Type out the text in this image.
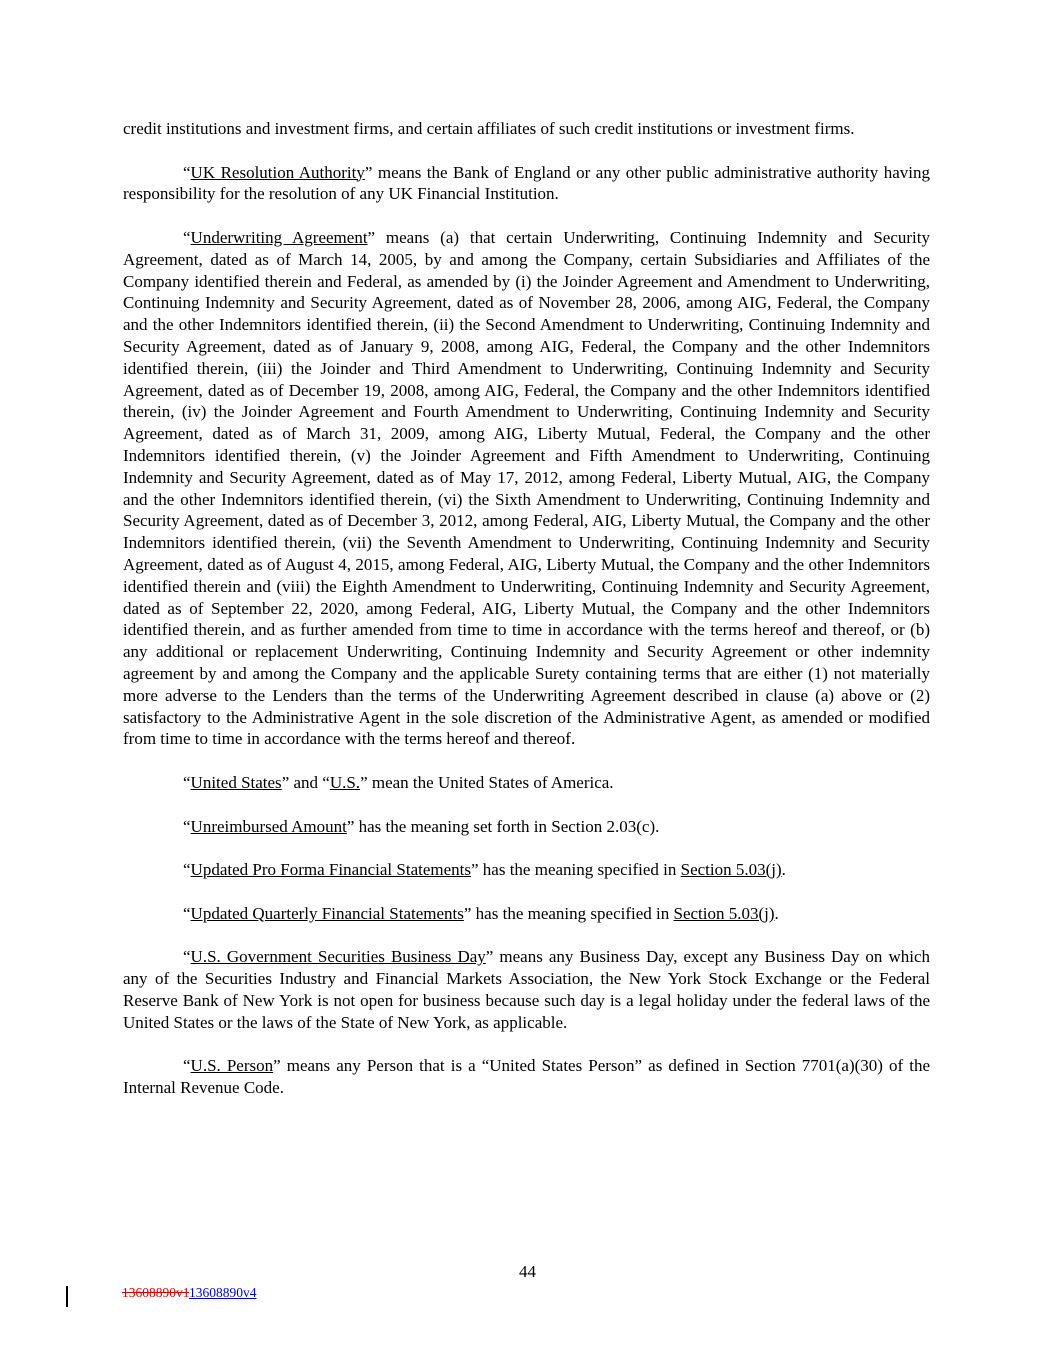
credit institutions and investment firms, and certain affiliates of such credit institutions or investment firms.

“UK Resolution Authority” means the Bank of England or any other public administrative authority having responsibility for the resolution of any UK Financial Institution.

“Underwriting Agreement” means (a) that certain Underwriting, Continuing Indemnity and Security Agreement, dated as of March 14, 2005, by and among the Company, certain Subsidiaries and Affiliates of the Company identified therein and Federal, as amended by (i) the Joinder Agreement and Amendment to Underwriting, Continuing Indemnity and Security Agreement, dated as of November 28, 2006, among AIG, Federal, the Company and the other Indemnitors identified therein, (ii) the Second Amendment to Underwriting, Continuing Indemnity and Security Agreement, dated as of January 9, 2008, among AIG, Federal, the Company and the other Indemnitors identified therein, (iii) the Joinder and Third Amendment to Underwriting, Continuing Indemnity and Security Agreement, dated as of December 19, 2008, among AIG, Federal, the Company and the other Indemnitors identified therein, (iv) the Joinder Agreement and Fourth Amendment to Underwriting, Continuing Indemnity and Security Agreement, dated as of March 31, 2009, among AIG, Liberty Mutual, Federal, the Company and the other Indemnitors identified therein, (v) the Joinder Agreement and Fifth Amendment to Underwriting, Continuing Indemnity and Security Agreement, dated as of May 17, 2012, among Federal, Liberty Mutual, AIG, the Company and the other Indemnitors identified therein, (vi) the Sixth Amendment to Underwriting, Continuing Indemnity and Security Agreement, dated as of December 3, 2012, among Federal, AIG, Liberty Mutual, the Company and the other Indemnitors identified therein, (vii) the Seventh Amendment to Underwriting, Continuing Indemnity and Security Agreement, dated as of August 4, 2015, among Federal, AIG, Liberty Mutual, the Company and the other Indemnitors identified therein and (viii) the Eighth Amendment to Underwriting, Continuing Indemnity and Security Agreement, dated as of September 22, 2020, among Federal, AIG, Liberty Mutual, the Company and the other Indemnitors identified therein, and as further amended from time to time in accordance with the terms hereof and thereof, or (b) any additional or replacement Underwriting, Continuing Indemnity and Security Agreement or other indemnity agreement by and among the Company and the applicable Surety containing terms that are either (1) not materially more adverse to the Lenders than the terms of the Underwriting Agreement described in clause (a) above or (2) satisfactory to the Administrative Agent in the sole discretion of the Administrative Agent, as amended or modified from time to time in accordance with the terms hereof and thereof.

“United States” and “U.S.” mean the United States of America.

“Unreimbursed Amount” has the meaning set forth in Section 2.03(c).

“Updated Pro Forma Financial Statements” has the meaning specified in Section 5.03(j).

“Updated Quarterly Financial Statements” has the meaning specified in Section 5.03(j).

“U.S. Government Securities Business Day” means any Business Day, except any Business Day on which any of the Securities Industry and Financial Markets Association, the New York Stock Exchange or the Federal Reserve Bank of New York is not open for business because such day is a legal holiday under the federal laws of the United States or the laws of the State of New York, as applicable.

“U.S. Person” means any Person that is a “United States Person” as defined in Section 7701(a)(30) of the Internal Revenue Code.

44
13608890v113608890v4
